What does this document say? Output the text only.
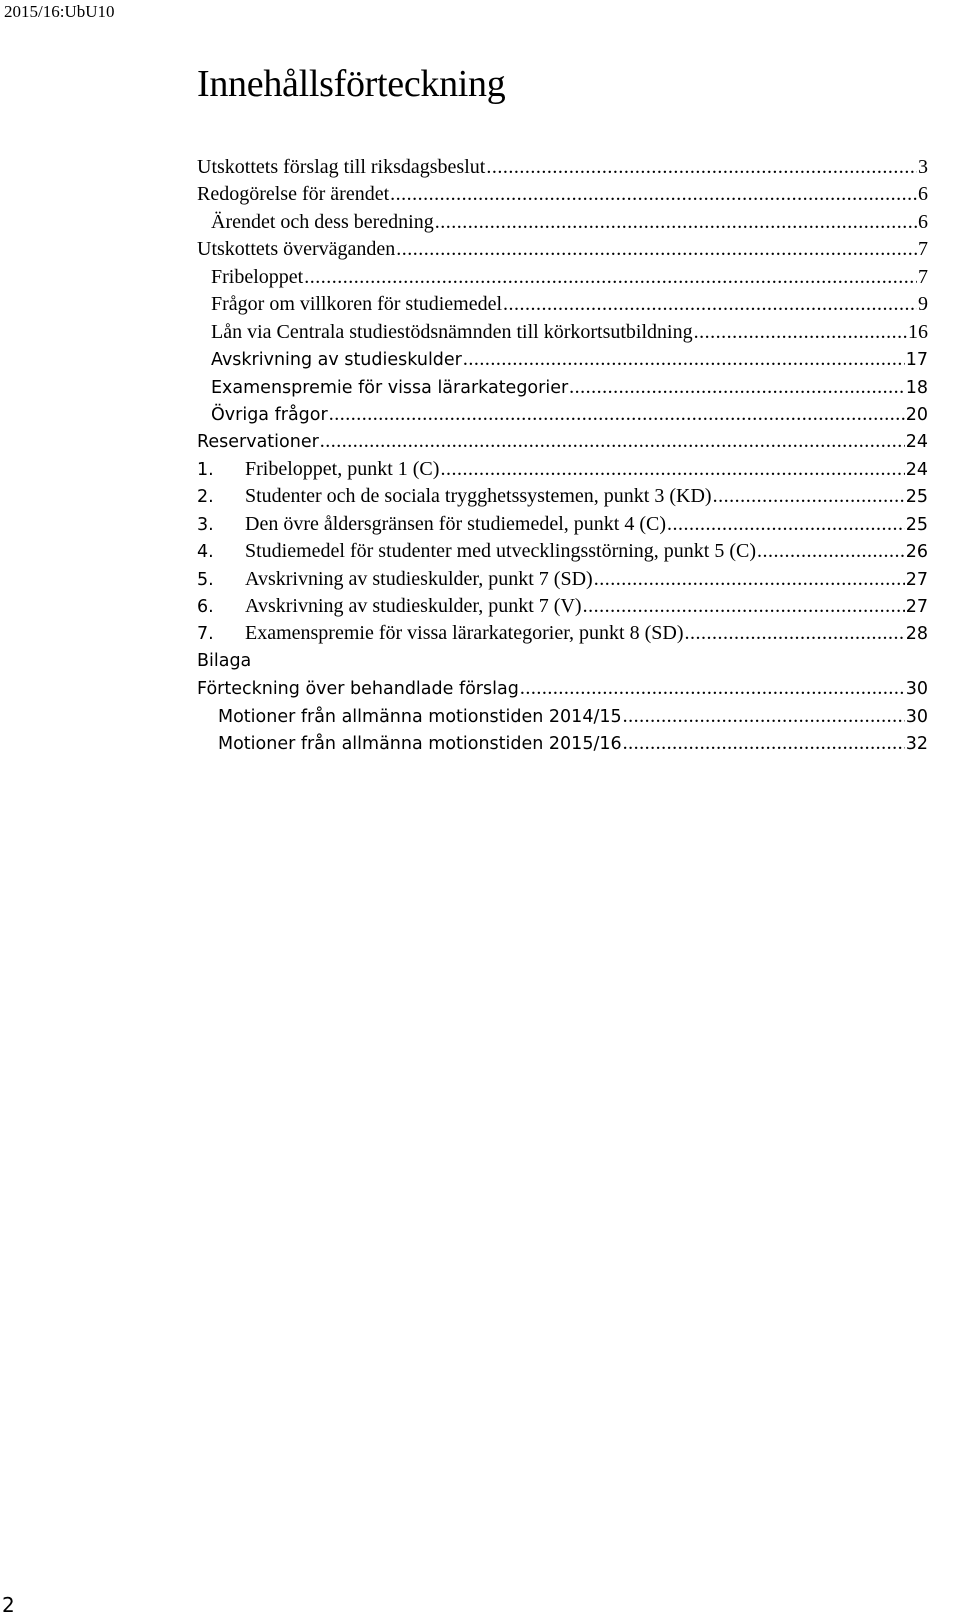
2015/16:UbU10
Innehållsförteckning
Utskottets förslag till riksdagsbeslut .....	3
Redogörelse för ärendet .....	6
Ärendet och dess beredning .....	6
Utskottets överväganden .....	7
Fribeloppet .....	7
Frågor om villkoren för studiemedel .....	9
Lån via Centrala studiestödsnämnden till körkortsutbildning .....	16
Avskrivning av studieskulder .....	17
Examenspremie för vissa lärarkategorier .....	18
Övriga frågor .....	20
Reservationer .....	24
1.	Fribeloppet, punkt 1 (C) .....	24
2.	Studenter och de sociala trygghetssystemen, punkt 3 (KD) .....	25
3.	Den övre åldersgränsen för studiemedel, punkt 4 (C) .....	25
4.	Studiemedel för studenter med utvecklingsstörning, punkt 5 (C) .....	26
5.	Avskrivning av studieskulder, punkt 7 (SD) .....	27
6.	Avskrivning av studieskulder, punkt 7 (V) .....	27
7.	Examenspremie för vissa lärarkategorier, punkt 8 (SD) .....	28
Bilaga
Förteckning över behandlade förslag .....	30
Motioner från allmänna motionstiden 2014/15 .....	30
Motioner från allmänna motionstiden 2015/16 .....	32
2
